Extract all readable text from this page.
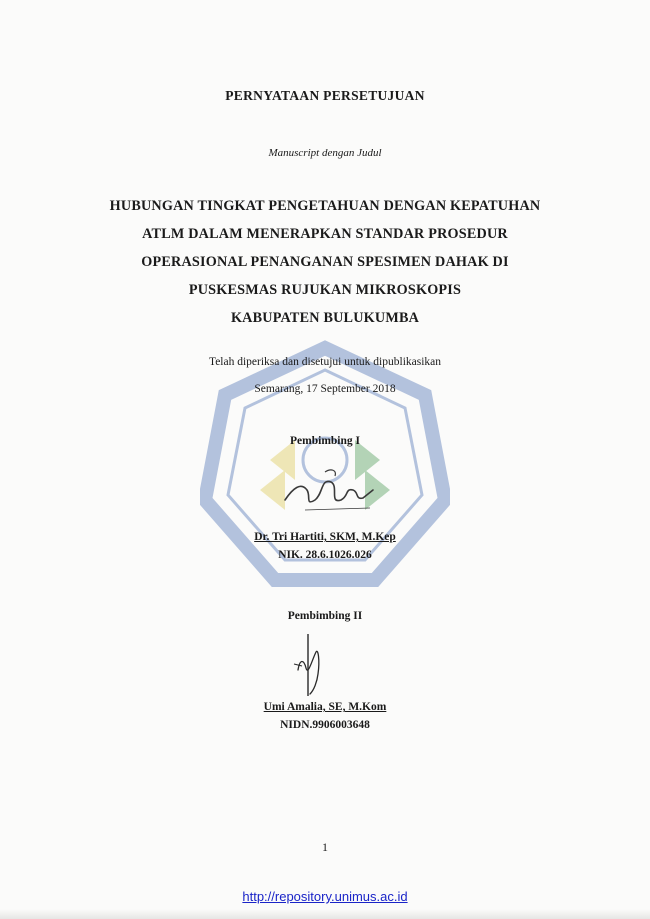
PERNYATAAN PERSETUJUAN
Manuscript dengan Judul
HUBUNGAN TINGKAT PENGETAHUAN DENGAN KEPATUHAN
ATLM DALAM MENERAPKAN STANDAR PROSEDUR
OPERASIONAL PENANGANAN SPESIMEN DAHAK DI
PUSKESMAS RUJUKAN MIKROSKOPIS
KABUPATEN BULUKUMBA
Telah diperiksa dan disetujui untuk dipublikasikan
Semarang, 17 September 2018
Pembimbing I
Dr. Tri Hartiti, SKM, M.Kep
NIK. 28.6.1026.026
Pembimbing II
Umi Amalia, SE, M.Kom
NIDN.9906003648
1
http://repository.unimus.ac.id
